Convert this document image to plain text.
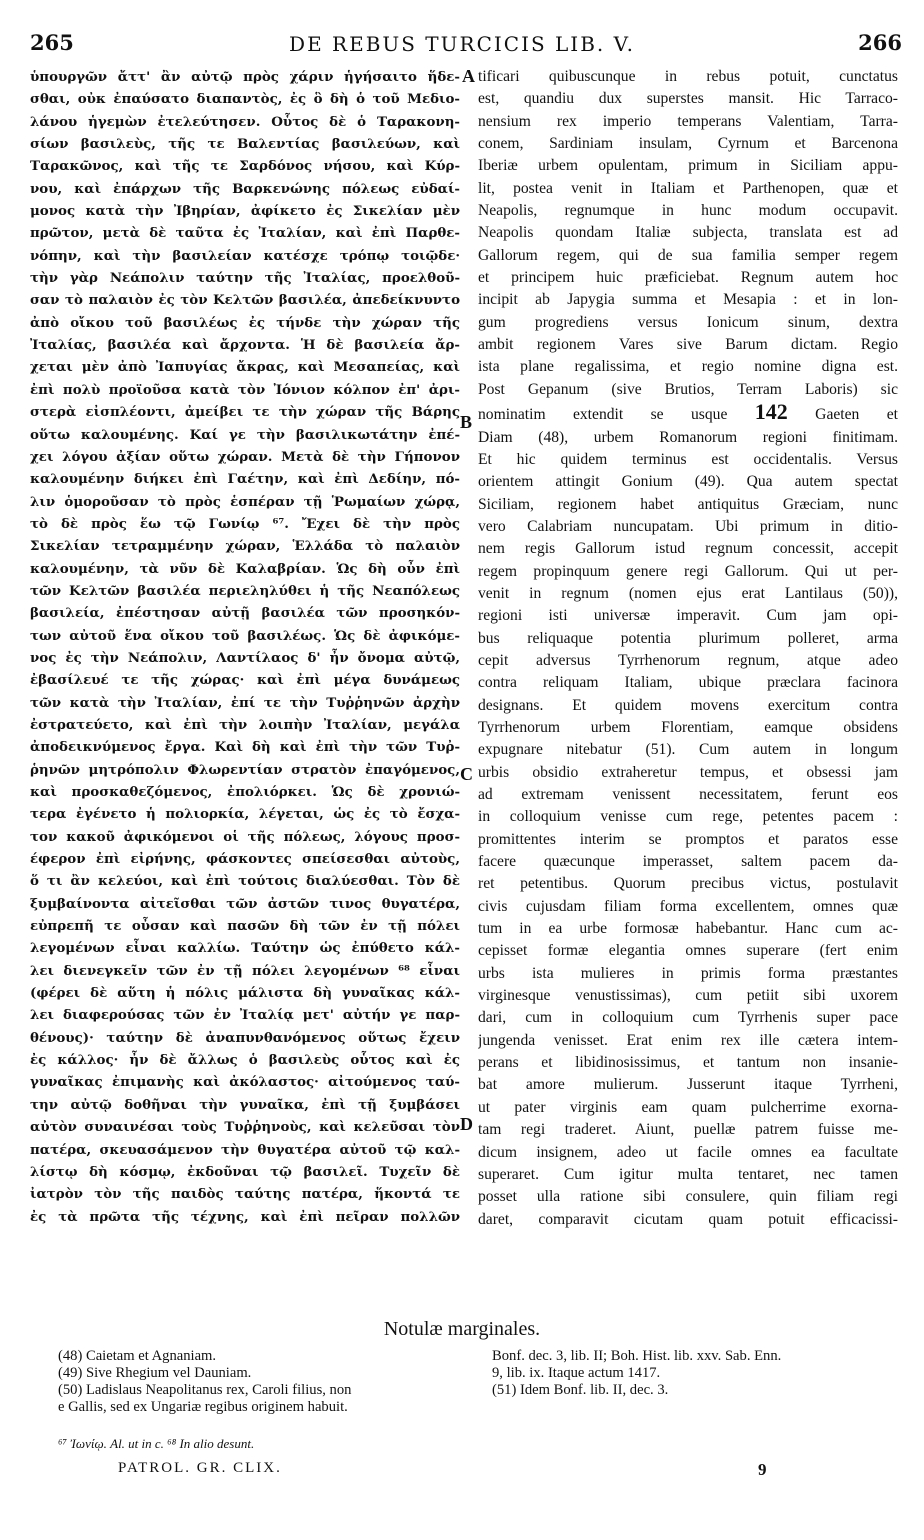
265	DE REBUS TURCICIS LIB. V.	266
ὑπουργῶν ἄττ' ἂν αὐτῷ πρὸς χάριν ἡγήσαιτο ἥδε-
σθαι, οὐκ ἐπαύσατο διαπαντὸς, ἐς ὃ δὴ ὁ τοῦ Μεδιο-
λάνου ἡγεμὼν ἐτελεύτησεν. Οὗτος δὲ ὁ Ταρακονη-
σίων βασιλεὺς, τῆς τε Βαλεντίας βασιλεύων, καὶ
Ταρακῶνος, καὶ τῆς τε Σαρδόνος νήσου, καὶ Κύρ-
νου, καὶ ἐπάρχων τῆς Βαρκενώνης πόλεως εὐδαί-
μονος κατὰ τὴν Ἰβηρίαν, ἀφίκετο ἐς Σικελίαν μὲν
πρῶτον, μετὰ δὲ ταῦτα ἐς Ἰταλίαν, καὶ ἐπὶ Παρθε-
νόπην, καὶ τὴν βασιλείαν κατέσχε τρόπῳ τοιῷδε·
τὴν γὰρ Νεάπολιν ταύτην τῆς Ἰταλίας, προελθοῦ-
σαν τὸ παλαιὸν ἐς τὸν Κελτῶν βασιλέα, ἀπεδείκνυντο
ἀπὸ οἴκου τοῦ βασιλέως ἐς τήνδε τὴν χώραν τῆς
Ἰταλίας, βασιλέα καὶ ἄρχοντα. Ἡ δὲ βασιλεία ἄρ-
χεται μὲν ἀπὸ Ἰαπυγίας ἄκρας, καὶ Μεσαπείας, καὶ
ἐπὶ πολὺ προϊοῦσα κατὰ τὸν Ἰόνιον κόλπον ἐπ' ἀρι-
στερὰ εἰσπλέοντι, ἀμείβει τε τὴν χώραν τῆς Βάρης
οὕτω καλουμένης. Καί γε τὴν βασιλικωτάτην ἐπέ-
χει λόγου ἀξίαν οὕτω χώραν. Μετὰ δὲ τὴν Γήπονον
καλουμένην διήκει ἐπὶ Γαέτην, καὶ ἐπὶ Δεδίην, πό-
λιν ὁμοροῦσαν τὸ πρὸς ἑσπέραν τῇ Ῥωμαίων χώρᾳ,
τὸ δὲ πρὸς ἕω τῷ Γωνίῳ ⁶⁷. Ἔχει δὲ τὴν πρὸς
Σικελίαν τετραμμένην χώραν, Ἑλλάδα τὸ παλαιὸν
καλουμένην, τὰ νῦν δὲ Καλαβρίαν. Ὡς δὴ οὖν ἐπὶ
τῶν Κελτῶν βασιλέα περιεληλύθει ἡ τῆς Νεαπόλεως
βασιλεία, ἐπέστησαν αὐτῇ βασιλέα τῶν προσηκόν-
των αὐτοῦ ἕνα οἴκου τοῦ βασιλέως. Ὡς δὲ ἀφικόμε-
νος ἐς τὴν Νεάπολιν, Λαντίλαος δ' ἦν ὄνομα αὐτῷ,
ἐβασίλευέ τε τῆς χώρας· καὶ ἐπὶ μέγα δυνάμεως
τῶν κατὰ τὴν Ἰταλίαν, ἐπί τε τὴν Τυῤῥηνῶν ἀρχὴν
ἐστρατεύετο, καὶ ἐπὶ τὴν λοιπὴν Ἰταλίαν, μεγάλα
ἀποδεικνύμενος ἔργα. Καὶ δὴ καὶ ἐπὶ τὴν τῶν Τυῤ-
ῥηνῶν μητρόπολιν Φλωρεντίαν στρατὸν ἐπαγόμενος,
καὶ προσκαθεζόμενος, ἐπολιόρκει. Ὡς δὲ χρονιώ-
τερα ἐγένετο ἡ πολιορκία, λέγεται, ὡς ἐς τὸ ἔσχα-
τον κακοῦ ἀφικόμενοι οἱ τῆς πόλεως, λόγους προσ-
έφερον ἐπὶ εἰρήνης, φάσκοντες σπείσεσθαι αὐτοὺς,
ὅ τι ἂν κελεύοι, καὶ ἐπὶ τούτοις διαλύεσθαι. Τὸν δὲ
ξυμβαίνοντα αἰτεῖσθαι τῶν ἀστῶν τινος θυγατέρα,
εὐπρεπῆ τε οὖσαν καὶ πασῶν δὴ τῶν ἐν τῇ πόλει
λεγομένων εἶναι καλλίω. Ταύτην ὡς ἐπύθετο κάλ-
λει διενεγκεῖν τῶν ἐν τῇ πόλει λεγομένων ⁶⁸ εἶναι
(φέρει δὲ αὕτη ἡ πόλις μάλιστα δὴ γυναῖκας κάλ-
λει διαφερούσας τῶν ἐν Ἰταλίᾳ μετ' αὐτήν γε παρ-
θένους)· ταύτην δὲ ἀναπυνθανόμενος οὕτως ἔχειν
ἐς κάλλος· ἦν δὲ ἄλλως ὁ βασιλεὺς οὗτος καὶ ἐς
γυναῖκας ἐπιμανὴς καὶ ἀκόλαστος· αἰτούμενος ταύ-
την αὐτῷ δοθῆναι τὴν γυναῖκα, ἐπὶ τῇ ξυμβάσει
αὐτὸν συναινέσαι τοὺς Τυῤῥηνοὺς, καὶ κελεῦσαι τὸν
πατέρα, σκευασάμενον τὴν θυγατέρα αὐτοῦ τῷ καλ-
λίστῳ δὴ κόσμῳ, ἐκδοῦναι τῷ βασιλεῖ. Τυχεῖν δὲ
ἰατρὸν τὸν τῆς παιδὸς ταύτης πατέρα, ἥκοντά τε
ἐς τὰ πρῶτα τῆς τέχνης, καὶ ἐπὶ πεῖραν πολλῶν
tificari quibuscunque in rebus potuit, cunctatus
est, quandiu dux superstes mansit. Hic Tarraco-
nensium rex imperio temperans Valentiam, Tarra-
conem, Sardiniam insulam, Cyrnum et Barcenona
Iberiæ urbem opulentam, primum in Siciliam appu-
lit, postea venit in Italiam et Parthenopen, quæ et
Neapolis, regnumque in hunc modum occupavit.
Neapolis quondam Italiæ subjecta, translata est ad
Gallorum regem, qui de sua familia semper regem
et principem huic præficiebat. Regnum autem hoc
incipit ab Japygia summa et Mesapia : et in lon-
gum progrediens versus Ionicum sinum, dextra
ambit regionem Vares sive Barum dictam. Regio
ista plane regalissima, et regio nomine digna est.
Post Gepanum (sive Brutios, Terram Laboris) sic
nominatim extendit se usque 142 Gaeten et
Diam (48), urbem Romanorum regioni finitimam.
Et hic quidem terminus est occidentalis. Versus
orientem attingit Gonium (49). Qua autem spectat
Siciliam, regionem habet antiquitus Græciam, nunc
vero Calabriam nuncupatam. Ubi primum in ditio-
nem regis Gallorum istud regnum concessit, accepit
regem propinquum genere regi Gallorum. Qui ut per-
venit in regnum (nomen ejus erat Lantilaus (50)),
regioni isti universæ imperavit. Cum jam opi-
bus reliquaque potentia plurimum polleret, arma
cepit adversus Tyrrhenorum regnum, atque adeo
contra reliquam Italiam, ubique præclara facinora
designans. Et quidem movens exercitum contra
Tyrrhenorum urbem Florentiam, eamque obsidens
expugnare nitebatur (51). Cum autem in longum
urbis obsidio extraheretur tempus, et obsessi jam
ad extremam venissent necessitatem, ferunt eos
in colloquium venisse cum rege, petentes pacem :
promittentes interim se promptos et paratos esse
facere quæcunque imperasset, saltem pacem da-
ret petentibus. Quorum precibus victus, postulavit
civis cujusdam filiam forma excellentem, omnes quæ
tum in ea urbe formosæ habebantur. Hanc cum ac-
cepisset formæ elegantia omnes superare (fert enim
urbs ista mulieres in primis forma præstantes
virginesque venustissimas), cum petiit sibi uxorem
dari, cum in colloquium cum Tyrrhenis super pace
jungenda venisset. Erat enim rex ille cætera intem-
perans et libidinosissimus, et tantum non insanie-
bat amore mulierum. Jusserunt itaque Tyrrheni,
ut pater virginis eam quam pulcherrime exorna-
tam regi traderet. Aiunt, puellæ patrem fuisse me-
dicum insignem, adeo ut facile omnes ea facultate
superaret. Cum igitur multa tentaret, nec tamen
posset ulla ratione sibi consulere, quin filiam regi
daret, comparavit cicutam quam potuit efficacissi-
A
B
C
D
Notulæ marginales.
(48) Caietam et Agnaniam.
(49) Sive Rhegium vel Dauniam.
(50) Ladislaus Neapolitanus rex, Caroli filius, non
e Gallis, sed ex Ungariæ regibus originem habuit.
Bonf. dec. 3, lib. II; Boh. Hist. lib. xxv. Sab. Enn.
9, lib. ix. Itaque actum 1417.
(51) Idem Bonf. lib. II, dec. 3.
⁶⁷ Ἰωνίῳ. Al. ut in c. ⁶⁸ In alio desunt.
PATROL. GR. CLIX.	9
